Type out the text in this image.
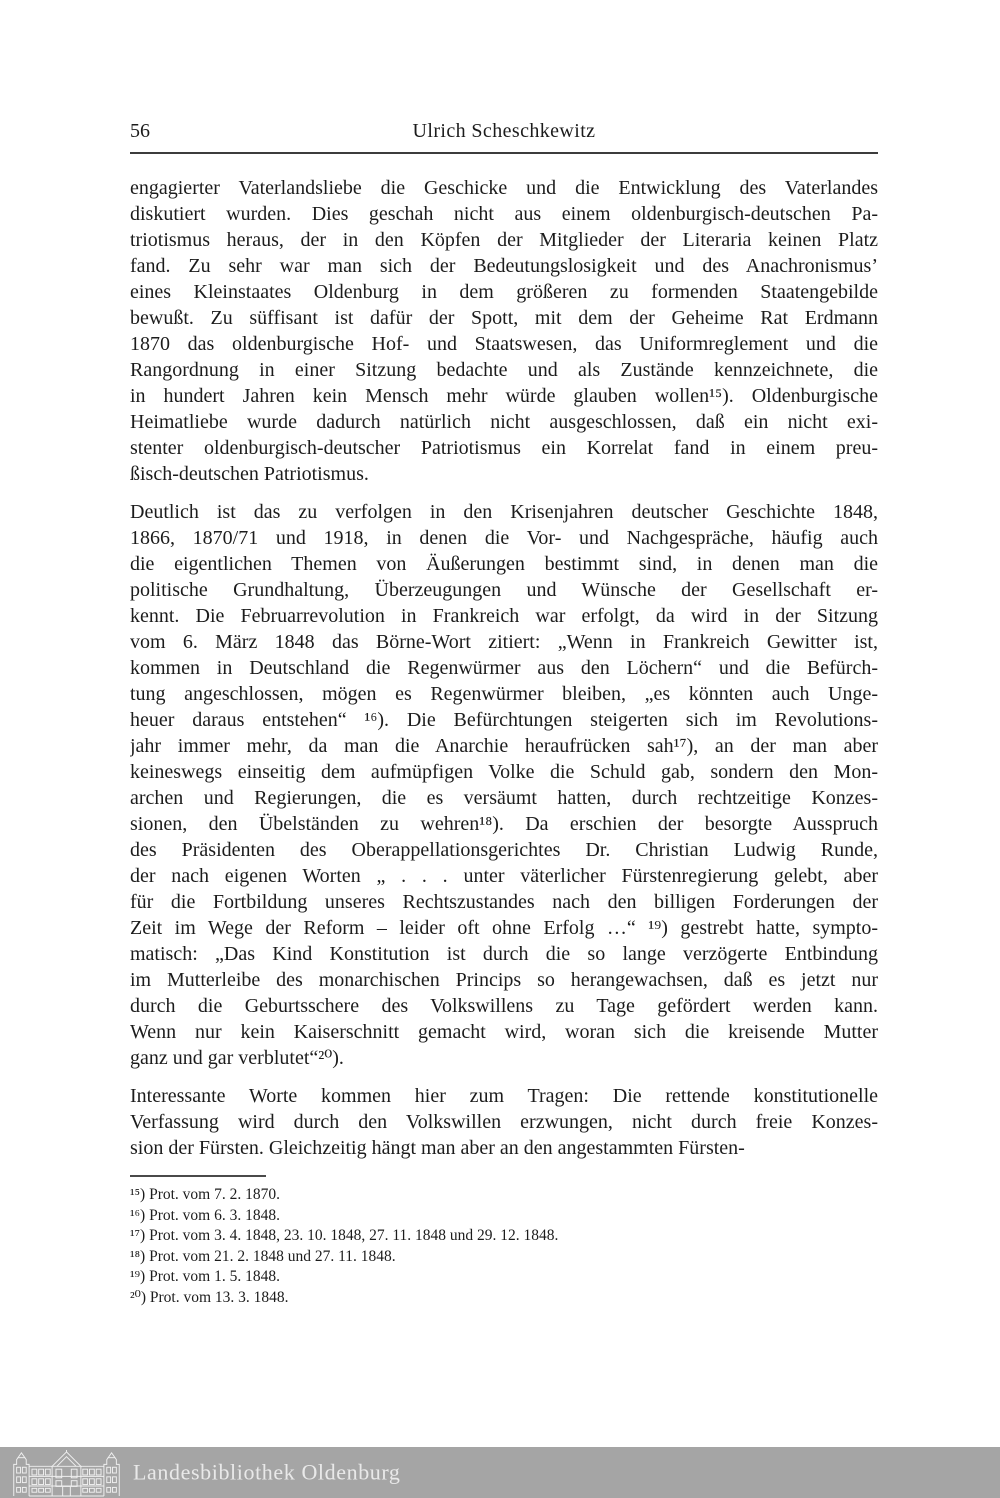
56	Ulrich Scheschkewitz
engagierter Vaterlandsliebe die Geschicke und die Entwicklung des Vaterlandes
diskutiert wurden. Dies geschah nicht aus einem oldenburgisch-deutschen Pa-
triotismus heraus, der in den Köpfen der Mitglieder der Literaria keinen Platz
fand. Zu sehr war man sich der Bedeutungslosigkeit und des Anachronismus’
eines Kleinstaates Oldenburg in dem größeren zu formenden Staatengebilde
bewußt. Zu süffisant ist dafür der Spott, mit dem der Geheime Rat Erdmann
1870 das oldenburgische Hof- und Staatswesen, das Uniformreglement und die
Rangordnung in einer Sitzung bedachte und als Zustände kennzeichnete, die
in hundert Jahren kein Mensch mehr würde glauben wollen¹⁵). Oldenburgische
Heimatliebe wurde dadurch natürlich nicht ausgeschlossen, daß ein nicht exi-
stenter oldenburgisch-deutscher Patriotismus ein Korrelat fand in einem preu-
ßisch-deutschen Patriotismus.
Deutlich ist das zu verfolgen in den Krisenjahren deutscher Geschichte 1848,
1866, 1870/71 und 1918, in denen die Vor- und Nachgespräche, häufig auch
die eigentlichen Themen von Äußerungen bestimmt sind, in denen man die
politische Grundhaltung, Überzeugungen und Wünsche der Gesellschaft er-
kennt. Die Februarrevolution in Frankreich war erfolgt, da wird in der Sitzung
vom 6. März 1848 das Börne-Wort zitiert: „Wenn in Frankreich Gewitter ist,
kommen in Deutschland die Regenwürmer aus den Löchern“ und die Befürch-
tung angeschlossen, mögen es Regenwürmer bleiben, „es könnten auch Unge-
heuer daraus entstehen“ ¹⁶). Die Befürchtungen steigerten sich im Revolutions-
jahr immer mehr, da man die Anarchie heraufrücken sah¹⁷), an der man aber
keineswegs einseitig dem aufmüpfigen Volke die Schuld gab, sondern den Mon-
archen und Regierungen, die es versäumt hatten, durch rechtzeitige Konzes-
sionen, den Übelständen zu wehren¹⁸). Da erschien der besorgte Ausspruch
des Präsidenten des Oberappellationsgerichtes Dr. Christian Ludwig Runde,
der nach eigenen Worten „ . . . unter väterlicher Fürstenregierung gelebt, aber
für die Fortbildung unseres Rechtszustandes nach den billigen Forderungen der
Zeit im Wege der Reform – leider oft ohne Erfolg …“ ¹⁹) gestrebt hatte, sympto-
matisch: „Das Kind Konstitution ist durch die so lange verzögerte Entbindung
im Mutterleibe des monarchischen Princips so herangewachsen, daß es jetzt nur
durch die Geburtsschere des Volkswillens zu Tage gefördert werden kann.
Wenn nur kein Kaiserschnitt gemacht wird, woran sich die kreisende Mutter
ganz und gar verblutet“²⁰).
Interessante Worte kommen hier zum Tragen: Die rettende konstitutionelle
Verfassung wird durch den Volkswillen erzwungen, nicht durch freie Konzes-
sion der Fürsten. Gleichzeitig hängt man aber an den angestammten Fürsten-
¹⁵) Prot. vom 7. 2. 1870.
¹⁶) Prot. vom 6. 3. 1848.
¹⁷) Prot. vom 3. 4. 1848, 23. 10. 1848, 27. 11. 1848 und 29. 12. 1848.
¹⁸) Prot. vom 21. 2. 1848 und 27. 11. 1848.
¹⁹) Prot. vom 1. 5. 1848.
²⁰) Prot. vom 13. 3. 1848.
Landesbibliothek Oldenburg
